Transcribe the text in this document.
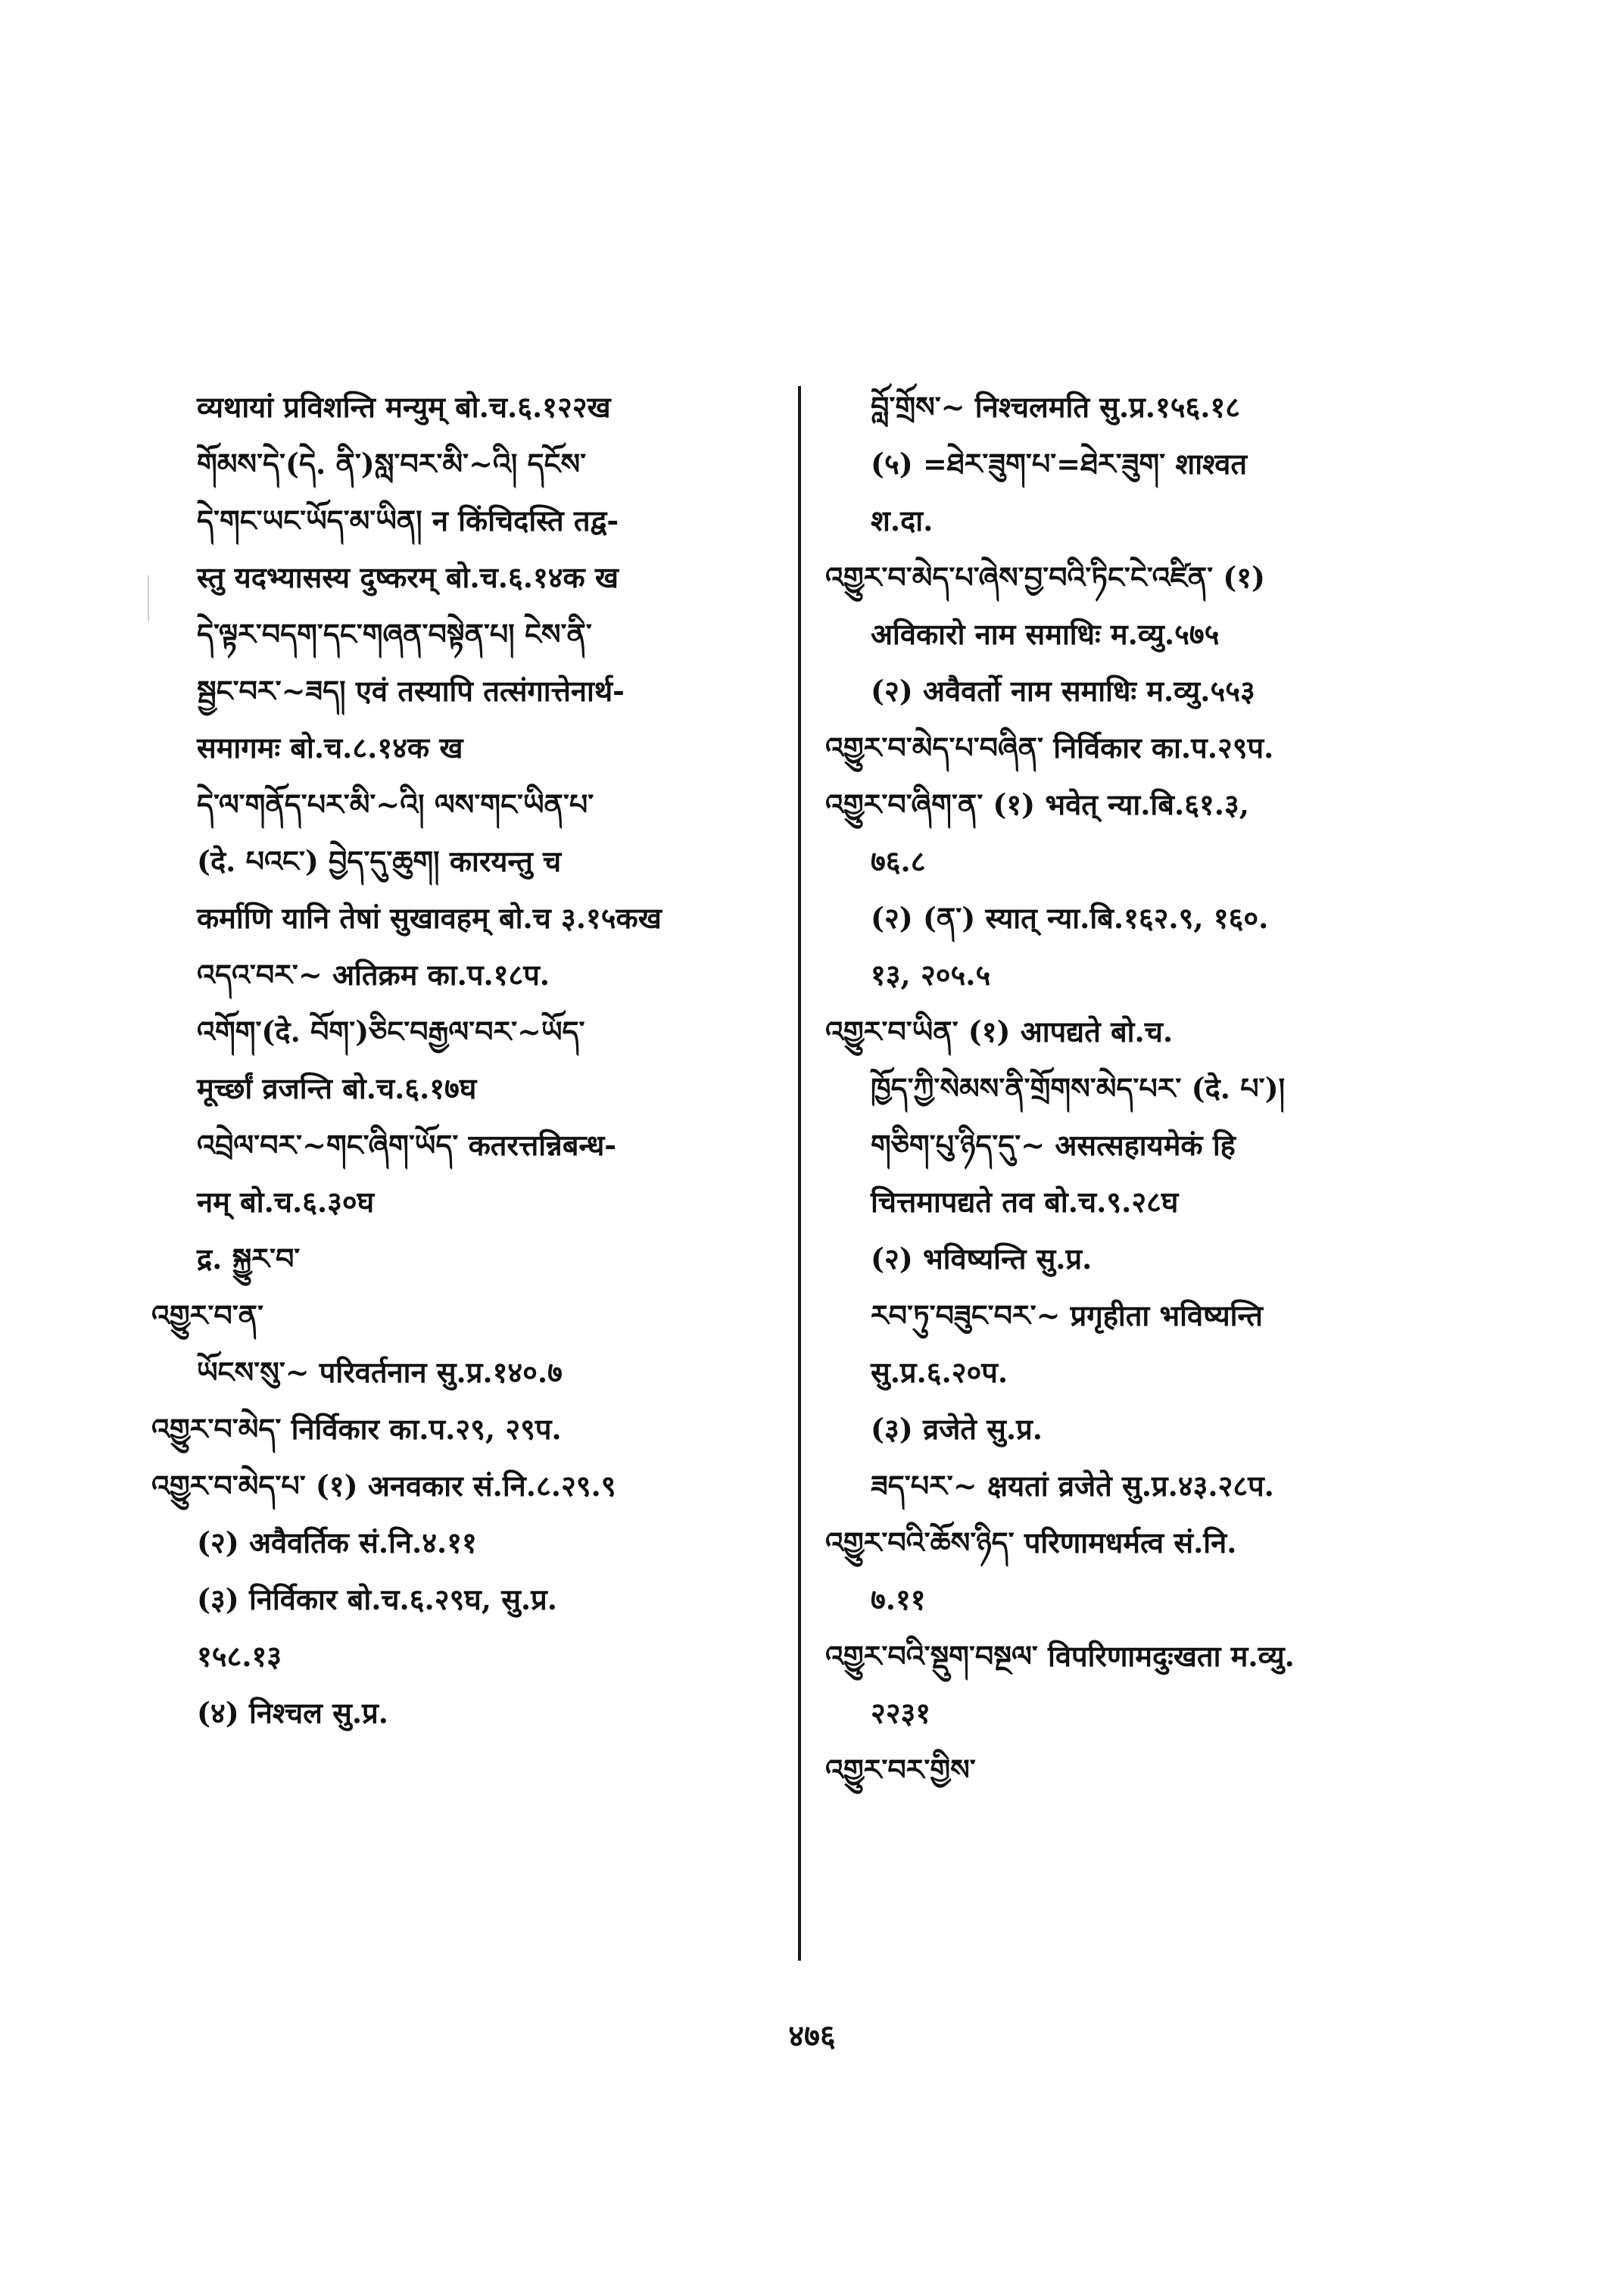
व्यथायां प्रविशन्ति मन्युम् बो.च.६.१२२ख
གོམས་དེ་(དེ. ནི་)སླ་བར་མི་~འི། དངོས་
དེ་གང་ཡང་ཡོད་མ་ཡིན། न किंचिदस्ति तद्व-
स्तु यदभ्यासस्य दुष्करम् बो.च.६.१४क ख
དེ་ལྟར་བདག་དང་གཞན་བསྟེན་པ། ངེས་ནི་
སྦྱང་བར་~ཟད། एवं तस्यापि तत्संगात्तेनार्थ-
समागमः बो.च.८.१४क ख
དེ་ལ་གནོད་པར་མི་~འི། ལས་གང་ཡིན་པ་
(दे. པའང་) བྱེད་དུ་ཆུག། कारयन्तु च
कर्माणि यानि तेषां सुखावहम् बो.च ३.१५कख
འདའ་བར་~ अतिक्रम का.प.१८प.
འགོག་(दे. བོག་)ཅིང་བརྒྱལ་བར་~ཡོད་
मूर्च्छां व्रजन्ति बो.च.६.१७घ
འབྲེལ་བར་~གང་ཞིག་ཡོད་ कतरत्तन्निबन्ध-
नम् बो.च.६.३०घ
द्र. སྐྱུར་བ་
འགྱུར་བ་ན་
ཡོངས་སུ་~ परिवर्तनान सु.प्र.१४०.७
འགྱུར་བ་མེད་ निर्विकार का.प.२९, २९प.
འགྱུར་བ་མེད་པ་ (१) अनवकार सं.नि.८.२९.९
(२) अवैवर्तिक सं.नि.४.११
(३) निर्विकार बो.च.६.२९घ, सु.प्र.
१५८.१३
(४) निश्चल सु.प्र.
བློ་གྲོས་~ निश्चलमति सु.प्र.१५६.१८
(५) =ཐེར་ཟུག་པ་=ཐེར་ཟུག་ शाश्वत
श.दा.
འགྱུར་བ་མེད་པ་ཞེས་བྱ་བའི་ཏིང་ངེ་འཛིན་ (१)
अविकारो नाम समाधिः म.व्यु.५७५
(२) अवैवर्तो नाम समाधिः म.व्यु.५५३
འགྱུར་བ་མེད་པ་བཞིན་ निर्विकार का.प.२९प.
འགྱུར་བ་ཞིག་ན་ (१) भवेत् न्या.बि.६१.३,
७६.८
(२) (ན་) स्यात् न्या.बि.१६२.९, १६०.
१३, २०५.५
འགྱུར་བ་ཡིན་ (१) आपद्यते बो.च.
ཁྱོད་ཀྱི་སེམས་ནི་གྲོགས་མེད་པར་ (दे. པ་)།
གཅིག་པུ་ཉིད་དུ་~ असत्सहायमेकं हि
चित्तमापद्यते तव बो.च.९.२८घ
(२) भविष्यन्ति सु.प्र.
རབ་ཏུ་བཟུང་བར་~ प्रगृहीता भविष्यन्ति
सु.प्र.६.२०प.
(३) व्रजेते सु.प्र.
ཟད་པར་~ क्षयतां व्रजेते सु.प्र.४३.२८प.
འགྱུར་བའི་ཆོས་ཉིད་ परिणामधर्मत्व सं.नि.
७.११
འགྱུར་བའི་སྡུག་བསྔལ་ विपरिणामदुःखता म.व्यु.
२२३१
འགྱུར་བར་གྱིས་
४७६
